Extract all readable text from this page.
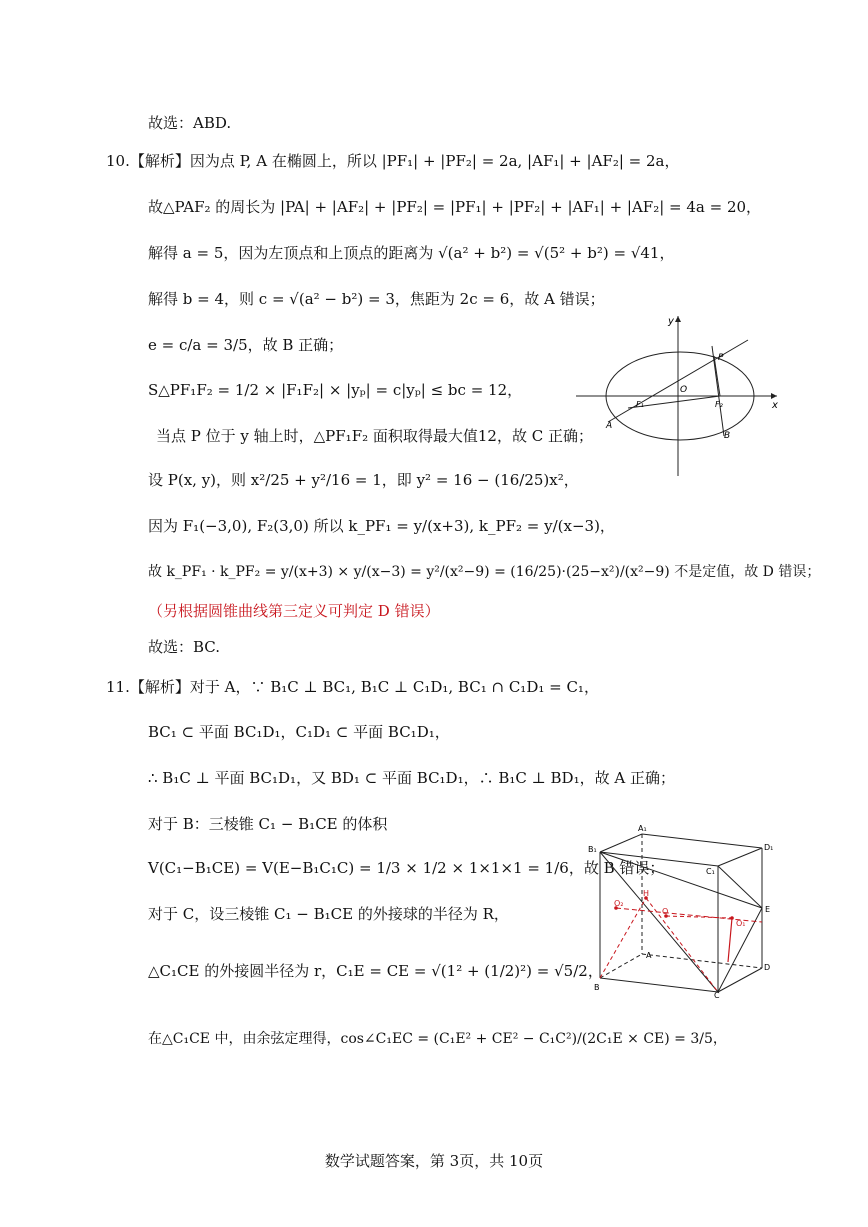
故选：ABD.
10.【解析】因为点 P, A 在椭圆上，所以 |PF₁| + |PF₂| = 2a, |AF₁| + |AF₂| = 2a，
故△PAF₂ 的周长为 |PA| + |AF₂| + |PF₂| = |PF₁| + |PF₂| + |AF₁| + |AF₂| = 4a = 20，
解得 a = 5，因为左顶点和上顶点的距离为 √(a² + b²) = √(5² + b²) = √41，
解得 b = 4，则 c = √(a² − b²) = 3，焦距为 2c = 6，故 A 错误；
e = c/a = 3/5，故 B 正确；
S△PF₁F₂ = 1/2 × |F₁F₂| × |yₚ| = c|yₚ| ≤ bc = 12，
当点 P 位于 y 轴上时，△PF₁F₂ 面积取得最大值12，故 C 正确；
设 P(x, y)，则 x²/25 + y²/16 = 1，即 y² = 16 − (16/25)x²，
因为 F₁(−3,0), F₂(3,0) 所以 k_PF₁ = y/(x+3), k_PF₂ = y/(x−3)，
故 k_PF₁ · k_PF₂ = y/(x+3) × y/(x−3) = y²/(x²−9) = (16/25)·(25−x²)/(x²−9) 不是定值，故 D 错误；
（另根据圆锥曲线第三定义可判定 D 错误）
故选：BC.
11.【解析】对于 A，∵ B₁C ⊥ BC₁, B₁C ⊥ C₁D₁, BC₁ ∩ C₁D₁ = C₁，
BC₁ ⊂ 平面 BC₁D₁，C₁D₁ ⊂ 平面 BC₁D₁，
∴ B₁C ⊥ 平面 BC₁D₁，又 BD₁ ⊂ 平面 BC₁D₁，∴ B₁C ⊥ BD₁，故 A 正确；
对于 B：三棱锥 C₁ − B₁CE 的体积
V(C₁−B₁CE) = V(E−B₁C₁C) = 1/3 × 1/2 × 1×1×1 = 1/6，故 B 错误；
对于 C，设三棱锥 C₁ − B₁CE 的外接球的半径为 R，
△C₁CE 的外接圆半径为 r，C₁E = CE = √(1² + (1/2)²) = √5/2，
在△C₁CE 中，由余弦定理得，cos∠C₁EC = (C₁E² + CE² − C₁C²)/(2C₁E × CE) = 3/5，
y
x
O
P
A
B
F₁	F₂
A₁
B₁
C₁
D₁
A
B
C
D
E
H
O
O₁
O₂
数学试题答案，第 3页，共 10页
